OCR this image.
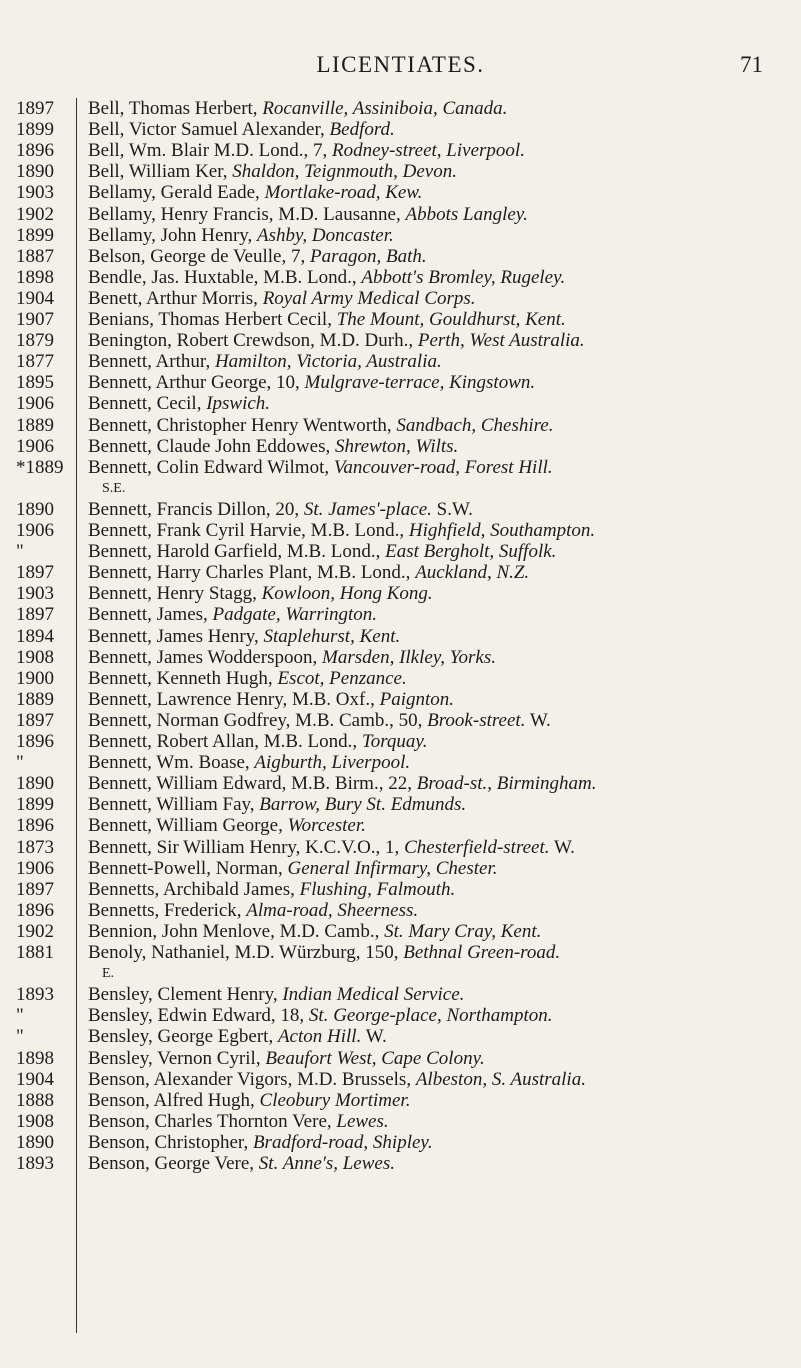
LICENTIATES.	71
1897	Bell, Thomas Herbert, Rocanville, Assiniboia, Canada.
1899	Bell, Victor Samuel Alexander, Bedford.
1896	Bell, Wm. Blair M.D. Lond., 7, Rodney-street, Liverpool.
1890	Bell, William Ker, Shaldon, Teignmouth, Devon.
1903	Bellamy, Gerald Eade, Mortlake-road, Kew.
1902	Bellamy, Henry Francis, M.D. Lausanne, Abbots Langley.
1899	Bellamy, John Henry, Ashby, Doncaster.
1887	Belson, George de Veulle, 7, Paragon, Bath.
1898	Bendle, Jas. Huxtable, M.B. Lond., Abbott's Bromley, Rugeley.
1904	Benett, Arthur Morris, Royal Army Medical Corps.
1907	Benians, Thomas Herbert Cecil, The Mount, Gouldhurst, Kent.
1879	Benington, Robert Crewdson, M.D. Durh., Perth, West Australia.
1877	Bennett, Arthur, Hamilton, Victoria, Australia.
1895	Bennett, Arthur George, 10, Mulgrave-terrace, Kingstown.
1906	Bennett, Cecil, Ipswich.
1889	Bennett, Christopher Henry Wentworth, Sandbach, Cheshire.
1906	Bennett, Claude John Eddowes, Shrewton, Wilts.
*1889	Bennett, Colin Edward Wilmot, Vancouver-road, Forest Hill.
S.E.
1890	Bennett, Francis Dillon, 20, St. James'-place. S.W.
1906	Bennett, Frank Cyril Harvie, M.B. Lond., Highfield, Southampton.
"	Bennett, Harold Garfield, M.B. Lond., East Bergholt, Suffolk.
1897	Bennett, Harry Charles Plant, M.B. Lond., Auckland, N.Z.
1903	Bennett, Henry Stagg, Kowloon, Hong Kong.
1897	Bennett, James, Padgate, Warrington.
1894	Bennett, James Henry, Staplehurst, Kent.
1908	Bennett, James Wodderspoon, Marsden, Ilkley, Yorks.
1900	Bennett, Kenneth Hugh, Escot, Penzance.
1889	Bennett, Lawrence Henry, M.B. Oxf., Paignton.
1897	Bennett, Norman Godfrey, M.B. Camb., 50, Brook-street. W.
1896	Bennett, Robert Allan, M.B. Lond., Torquay.
"	Bennett, Wm. Boase, Aigburth, Liverpool.
1890	Bennett, William Edward, M.B. Birm., 22, Broad-st., Birmingham.
1899	Bennett, William Fay, Barrow, Bury St. Edmunds.
1896	Bennett, William George, Worcester.
1873	Bennett, Sir William Henry, K.C.V.O., 1, Chesterfield-street. W.
1906	Bennett-Powell, Norman, General Infirmary, Chester.
1897	Bennetts, Archibald James, Flushing, Falmouth.
1896	Bennetts, Frederick, Alma-road, Sheerness.
1902	Bennion, John Menlove, M.D. Camb., St. Mary Cray, Kent.
1881	Benoly, Nathaniel, M.D. Würzburg, 150, Bethnal Green-road.
E.
1893	Bensley, Clement Henry, Indian Medical Service.
"	Bensley, Edwin Edward, 18, St. George-place, Northampton.
"	Bensley, George Egbert, Acton Hill. W.
1898	Bensley, Vernon Cyril, Beaufort West, Cape Colony.
1904	Benson, Alexander Vigors, M.D. Brussels, Albeston, S. Australia.
1888	Benson, Alfred Hugh, Cleobury Mortimer.
1908	Benson, Charles Thornton Vere, Lewes.
1890	Benson, Christopher, Bradford-road, Shipley.
1893	Benson, George Vere, St. Anne's, Lewes.
